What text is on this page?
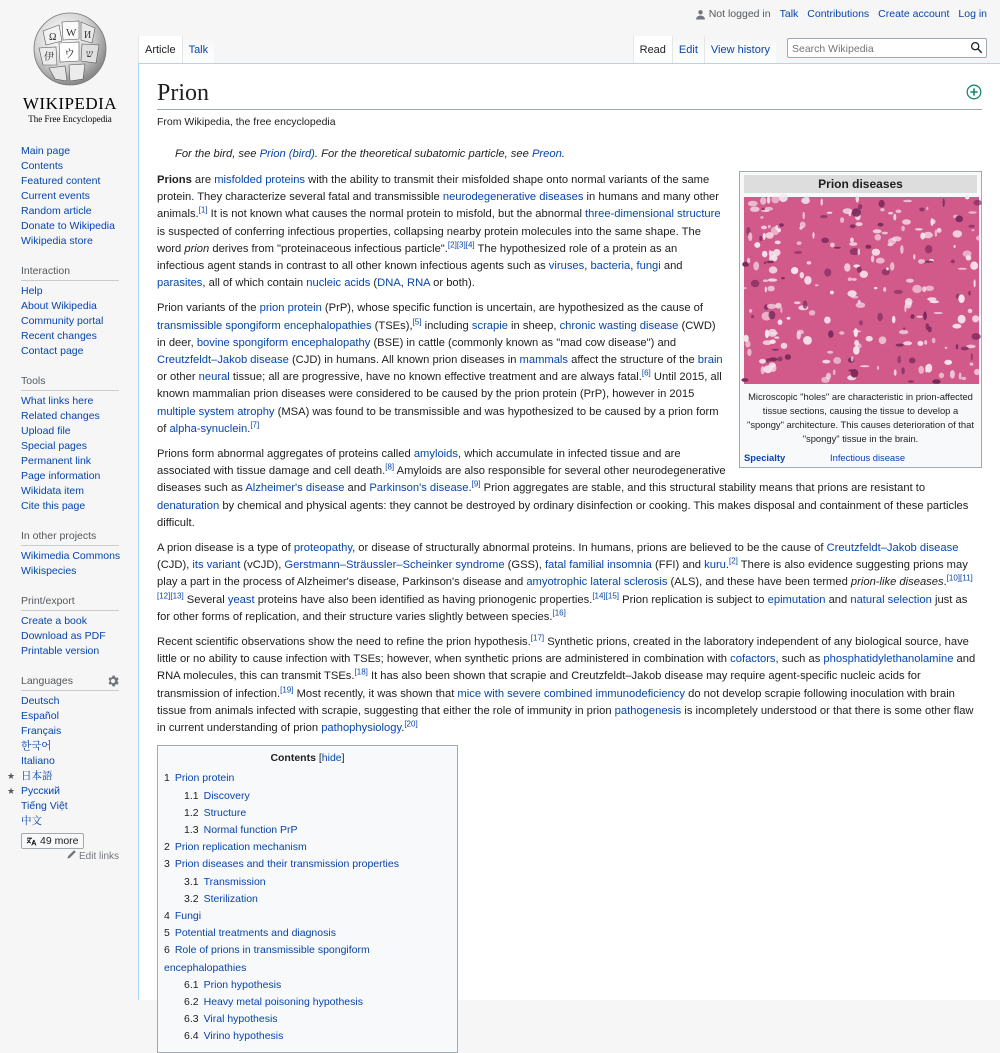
Not logged in Talk Contributions Create account Log in
Ω W И
ウ ש
伊
WIKIPEDIA
The Free Encyclopedia
Main page
Contents
Featured content
Current events
Random article
Donate to Wikipedia
Wikipedia store
Interaction
Help
About Wikipedia
Community portal
Recent changes
Contact page
Tools
What links here
Related changes
Upload file
Special pages
Permanent link
Page information
Wikidata item
Cite this page
In other projects
Wikimedia Commons
Wikispecies
Print/export
Create a book
Download as PDF
Printable version
Languages
Deutsch
Español
Français
한국어
Italiano
★ 日本語
★ Русский
Tiếng Việt
中文
49 more
Edit links
Article	Talk	Read	Edit	View history
Search Wikipedia
Prion
From Wikipedia, the free encyclopedia
For the bird, see Prion (bird). For the theoretical subatomic particle, see Preon.
Prion diseases
Microscopic "holes" are characteristic in prion-affected tissue sections, causing the tissue to develop a "spongy" architecture. This causes deterioration of that "spongy" tissue in the brain.
Specialty	Infectious disease

Prions are misfolded proteins with the ability to transmit their misfolded shape onto normal variants of the same protein. They characterize several fatal and transmissible neurodegenerative diseases in humans and many other animals.[1] It is not known what causes the normal protein to misfold, but the abnormal three-dimensional structure is suspected of conferring infectious properties, collapsing nearby protein molecules into the same shape. The word prion derives from "proteinaceous infectious particle".[2][3][4] The hypothesized role of a protein as an infectious agent stands in contrast to all other known infectious agents such as viruses, bacteria, fungi and parasites, all of which contain nucleic acids (DNA, RNA or both).

Prion variants of the prion protein (PrP), whose specific function is uncertain, are hypothesized as the cause of transmissible spongiform encephalopathies (TSEs),[5] including scrapie in sheep, chronic wasting disease (CWD) in deer, bovine spongiform encephalopathy (BSE) in cattle (commonly known as "mad cow disease") and Creutzfeldt–Jakob disease (CJD) in humans. All known prion diseases in mammals affect the structure of the brain or other neural tissue; all are progressive, have no known effective treatment and are always fatal.[6] Until 2015, all known mammalian prion diseases were considered to be caused by the prion protein (PrP), however in 2015 multiple system atrophy (MSA) was found to be transmissible and was hypothesized to be caused by a prion form of alpha-synuclein.[7]

Prions form abnormal aggregates of proteins called amyloids, which accumulate in infected tissue and are associated with tissue damage and cell death.[8] Amyloids are also responsible for several other neurodegenerative diseases such as Alzheimer's disease and Parkinson's disease.[9] Prion aggregates are stable, and this structural stability means that prions are resistant to denaturation by chemical and physical agents: they cannot be destroyed by ordinary disinfection or cooking. This makes disposal and containment of these particles difficult.

A prion disease is a type of proteopathy, or disease of structurally abnormal proteins. In humans, prions are believed to be the cause of Creutzfeldt–Jakob disease (CJD), its variant (vCJD), Gerstmann–Sträussler–Scheinker syndrome (GSS), fatal familial insomnia (FFI) and kuru.[2] There is also evidence suggesting prions may play a part in the process of Alzheimer's disease, Parkinson's disease and amyotrophic lateral sclerosis (ALS), and these have been termed prion-like diseases.[10][11][12][13] Several yeast proteins have also been identified as having prionogenic properties.[14][15] Prion replication is subject to epimutation and natural selection just as for other forms of replication, and their structure varies slightly between species.[16]

Recent scientific observations show the need to refine the prion hypothesis.[17] Synthetic prions, created in the laboratory independent of any biological source, have little or no ability to cause infection with TSEs; however, when synthetic prions are administered in combination with cofactors, such as phosphatidylethanolamine and RNA molecules, this can transmit TSEs.[18] It has also been shown that scrapie and Creutzfeldt–Jakob disease may require agent-specific nucleic acids for transmission of infection.[19] Most recently, it was shown that mice with severe combined immunodeficiency do not develop scrapie following inoculation with brain tissue from animals infected with scrapie, suggesting that either the role of immunity in prion pathogenesis is incompletely understood or that there is some other flaw in current understanding of prion pathophysiology.[20]

Contents [hide]
1 Prion protein
1.1 Discovery
1.2 Structure
1.3 Normal function PrP
2 Prion replication mechanism
3 Prion diseases and their transmission properties
3.1 Transmission
3.2 Sterilization
4 Fungi
5 Potential treatments and diagnosis
6 Role of prions in transmissible spongiform encephalopathies
6.1 Prion hypothesis
6.2 Heavy metal poisoning hypothesis
6.3 Viral hypothesis
6.4 Virino hypothesis
